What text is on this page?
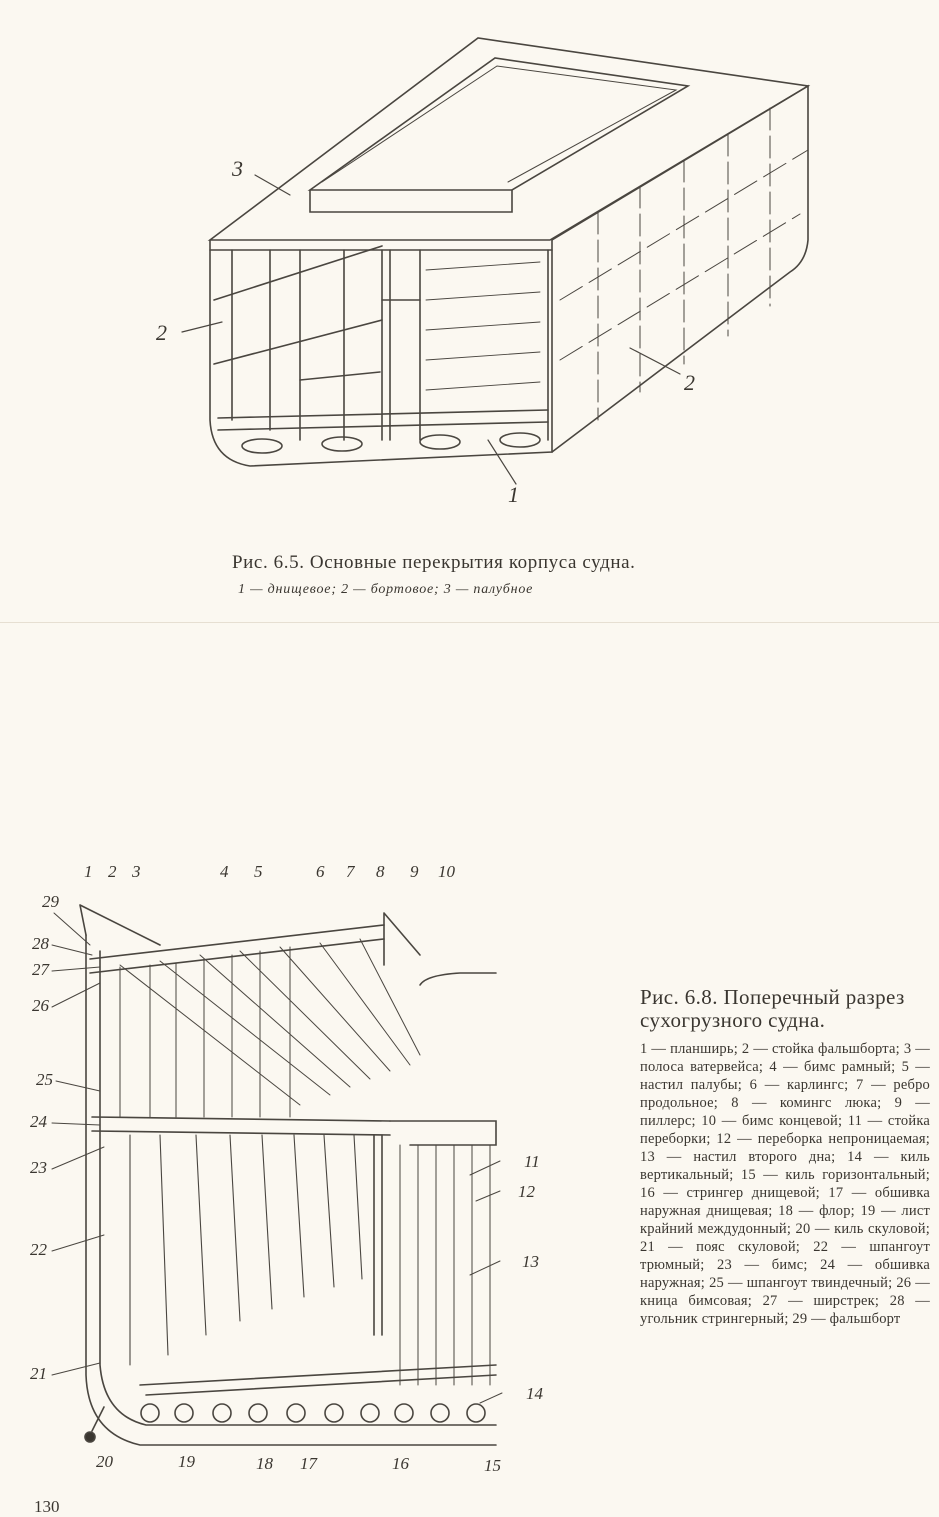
3
2
2
1
Рис. 6.5. Основные перекрытия корпуса судна.
1 — днищевое; 2 — бортовое; 3 — палубное
1 2 3	4 5	6 7 8 9 10
29
28
27
26
25
24
23
22
21
20	19	18 17	16	15
11
12
13
14
Рис. 6.8. Поперечный разрез сухогрузного судна.
1 — планширь; 2 — стойка фальшборта; 3 — полоса ватервейса; 4 — бимс рамный; 5 — настил палубы; 6 — карлингс; 7 — ребро продольное; 8 — комингс люка; 9 — пиллерс; 10 — бимс концевой; 11 — стойка переборки; 12 — переборка непроницаемая; 13 — настил второго дна; 14 — киль вертикальный; 15 — киль горизонтальный; 16 — стрингер днищевой; 17 — обшивка наружная днищевая; 18 — флор; 19 — лист крайний междудонный; 20 — киль скуловой; 21 — пояс скуловой; 22 — шпангоут трюмный; 23 — бимс; 24 — обшивка наружная; 25 — шпангоут твиндечный; 26 — кница бимсовая; 27 — ширстрек; 28 — угольник стрингерный; 29 — фальшборт
130
